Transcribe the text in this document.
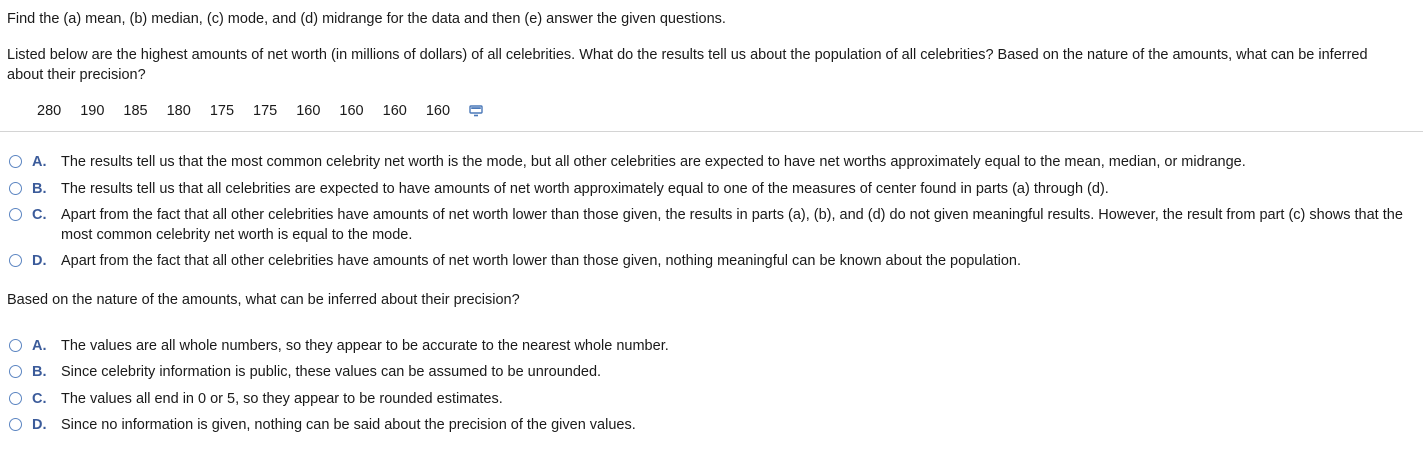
Find the (a) mean, (b) median, (c) mode, and (d) midrange for the data and then (e) answer the given questions.
Listed below are the highest amounts of net worth (in millions of dollars) of all celebrities. What do the results tell us about the population of all celebrities? Based on the nature of the amounts, what can be inferred about their precision?
280 190 185 180 175 175 160 160 160 160
A.	The results tell us that the most common celebrity net worth is the mode, but all other celebrities are expected to have net worths approximately equal to the mean, median, or midrange.
B.	The results tell us that all celebrities are expected to have amounts of net worth approximately equal to one of the measures of center found in parts (a) through (d).
C.	Apart from the fact that all other celebrities have amounts of net worth lower than those given, the results in parts (a), (b), and (d) do not given meaningful results. However, the result from part (c) shows that the most common celebrity net worth is equal to the mode.
D.	Apart from the fact that all other celebrities have amounts of net worth lower than those given, nothing meaningful can be known about the population.
Based on the nature of the amounts, what can be inferred about their precision?
A.	The values are all whole numbers, so they appear to be accurate to the nearest whole number.
B.	Since celebrity information is public, these values can be assumed to be unrounded.
C.	The values all end in 0 or 5, so they appear to be rounded estimates.
D.	Since no information is given, nothing can be said about the precision of the given values.
